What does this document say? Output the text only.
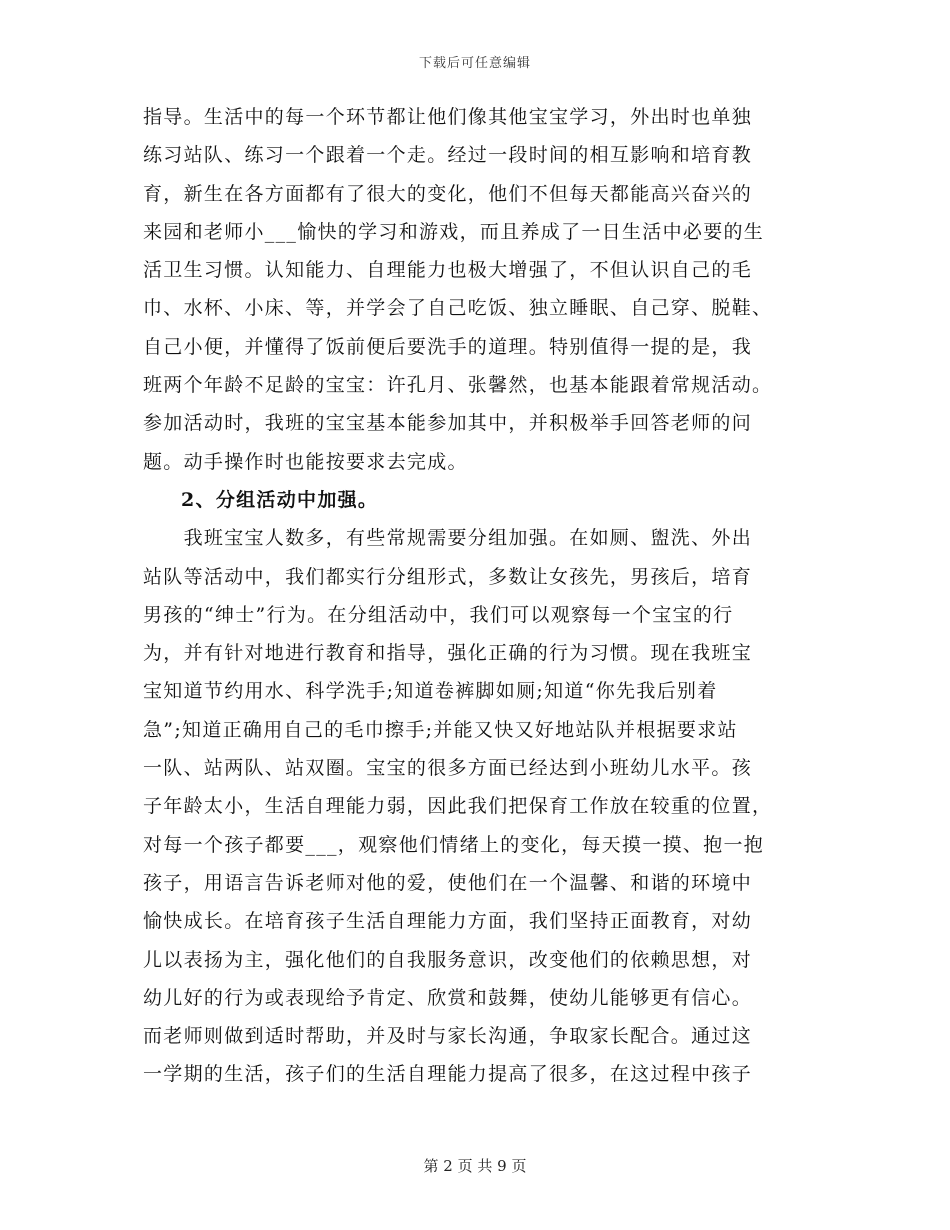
下载后可任意编辑
指导。生活中的每一个环节都让他们像其他宝宝学习，外出时也单独
练习站队、练习一个跟着一个走。经过一段时间的相互影响和培育教
育，新生在各方面都有了很大的变化，他们不但每天都能高兴奋兴的
来园和老师小___愉快的学习和游戏，而且养成了一日生活中必要的生
活卫生习惯。认知能力、自理能力也极大增强了，不但认识自己的毛
巾、水杯、小床、等，并学会了自己吃饭、独立睡眠、自己穿、脱鞋、
自己小便，并懂得了饭前便后要洗手的道理。特别值得一提的是，我
班两个年龄不足龄的宝宝：许孔月、张馨然，也基本能跟着常规活动。
参加活动时，我班的宝宝基本能参加其中，并积极举手回答老师的问
题。动手操作时也能按要求去完成。
2、分组活动中加强。
　　我班宝宝人数多，有些常规需要分组加强。在如厕、盥洗、外出
站队等活动中，我们都实行分组形式，多数让女孩先，男孩后，培育
男孩的“绅士”行为。在分组活动中，我们可以观察每一个宝宝的行
为，并有针对地进行教育和指导，强化正确的行为习惯。现在我班宝
宝知道节约用水、科学洗手;知道卷裤脚如厕;知道“你先我后别着
急”;知道正确用自己的毛巾擦手;并能又快又好地站队并根据要求站
一队、站两队、站双圈。宝宝的很多方面已经达到小班幼儿水平。孩
子年龄太小，生活自理能力弱，因此我们把保育工作放在较重的位置，
对每一个孩子都要___，观察他们情绪上的变化，每天摸一摸、抱一抱
孩子，用语言告诉老师对他的爱，使他们在一个温馨、和谐的环境中
愉快成长。在培育孩子生活自理能力方面，我们坚持正面教育，对幼
儿以表扬为主，强化他们的自我服务意识，改变他们的依赖思想，对
幼儿好的行为或表现给予肯定、欣赏和鼓舞，使幼儿能够更有信心。
而老师则做到适时帮助，并及时与家长沟通，争取家长配合。通过这
一学期的生活，孩子们的生活自理能力提高了很多，在这过程中孩子
第 2 页 共 9 页
